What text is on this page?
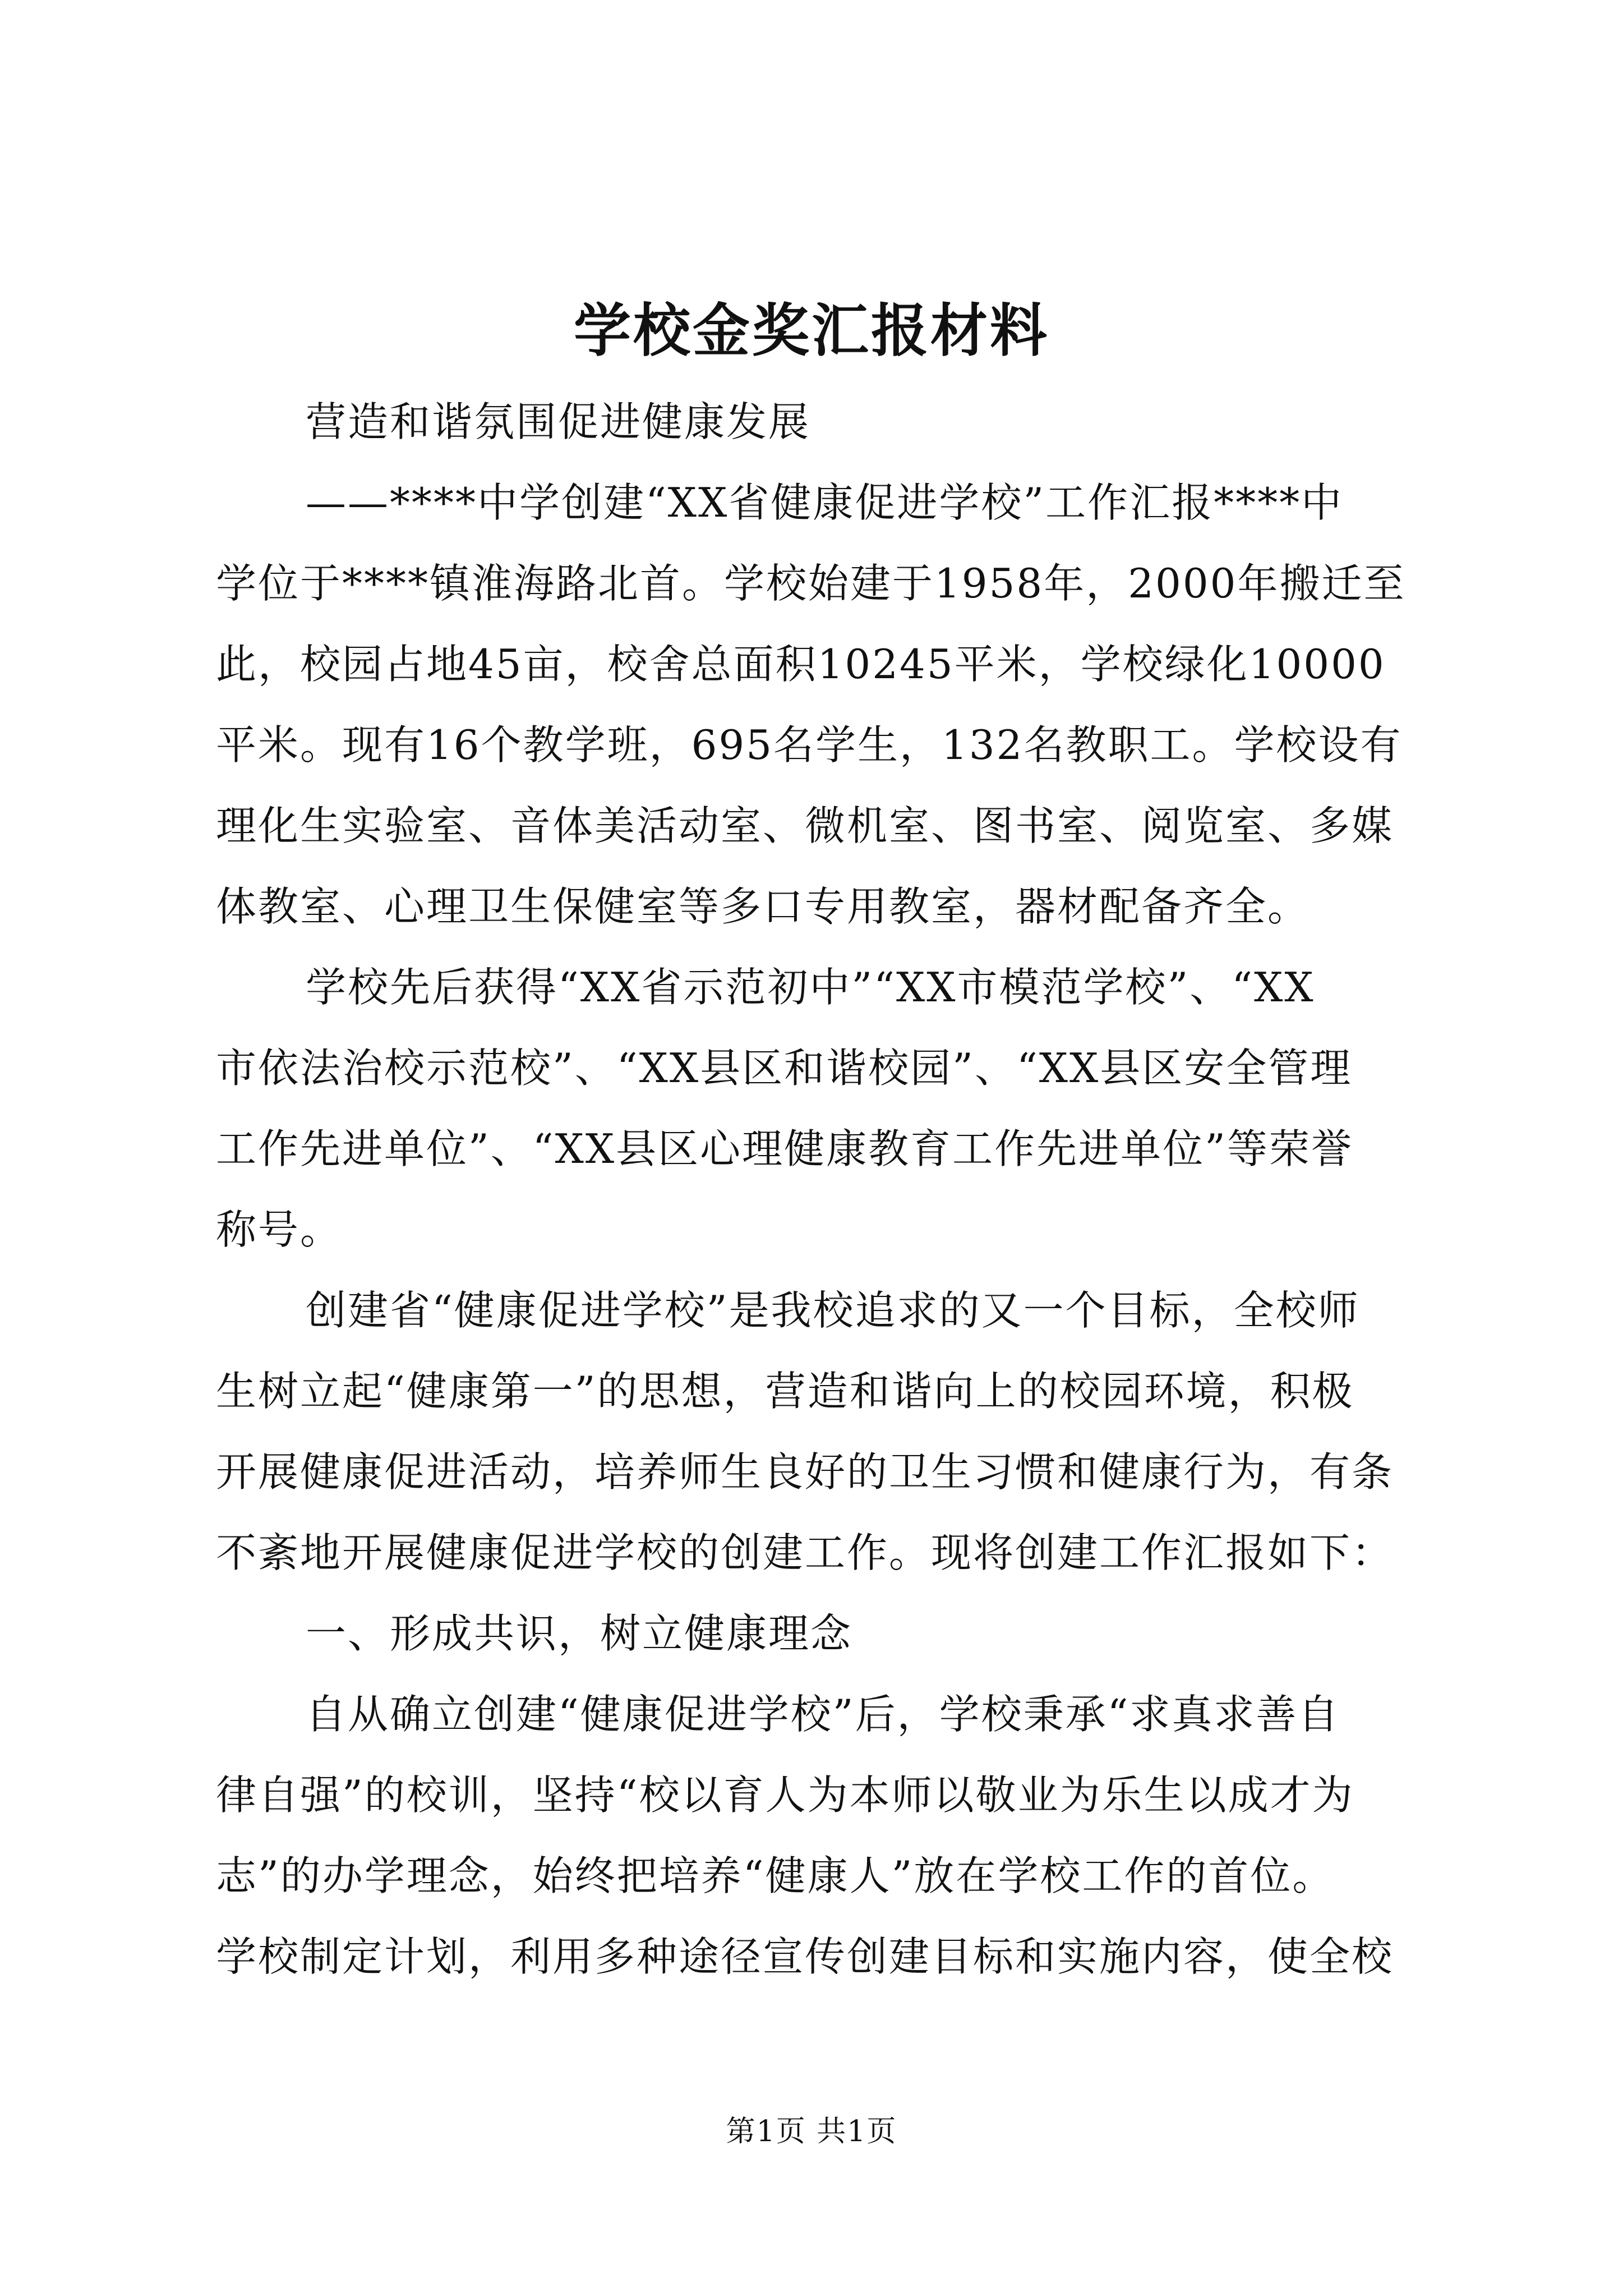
学校金奖汇报材料
营造和谐氛围促进健康发展
——****中学创建“XX省健康促进学校”工作汇报****中
学位于****镇淮海路北首。学校始建于1958年，2000年搬迁至
此，校园占地45亩，校舍总面积10245平米，学校绿化10000
平米。现有16个教学班，695名学生，132名教职工。学校设有
理化生实验室、音体美活动室、微机室、图书室、阅览室、多媒
体教室、心理卫生保健室等多口专用教室，器材配备齐全。
学校先后获得“XX省示范初中”“XX市模范学校”、“XX
市依法治校示范校”、“XX县区和谐校园”、“XX县区安全管理
工作先进单位”、“XX县区心理健康教育工作先进单位”等荣誉
称号。
创建省“健康促进学校”是我校追求的又一个目标，全校师
生树立起“健康第一”的思想，营造和谐向上的校园环境，积极
开展健康促进活动，培养师生良好的卫生习惯和健康行为，有条
不紊地开展健康促进学校的创建工作。现将创建工作汇报如下：
一、形成共识，树立健康理念
自从确立创建“健康促进学校”后，学校秉承“求真求善自
律自强”的校训，坚持“校以育人为本师以敬业为乐生以成才为
志”的办学理念，始终把培养“健康人”放在学校工作的首位。
学校制定计划，利用多种途径宣传创建目标和实施内容，使全校
第1页 共1页
